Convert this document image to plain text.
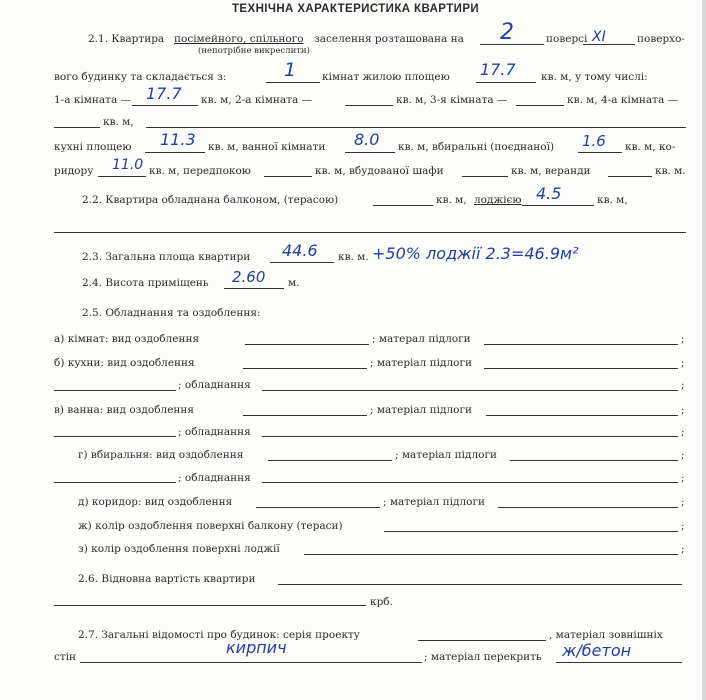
ТЕХНІЧНА ХАРАКТЕРИСТИКА КВАРТИРИ
2.1. Квартира посімейного, спільного заселення розташована на 2	поверсі XI	поверхо-
(непотрібне викреслити)
вого будинку та складається з:	1 кімнат жилою площею 17.7 кв. м, у тому числі:
1-а кімната — 17.7 кв. м, 2-а кімната —	кв. м, 3-я кімната —	кв. м, 4-а кімната —
кв. м,
кухні площею 11.3 кв. м, ванної кімнати 8.0 кв. м, вбиральні (поєднаної) 1.6 кв. м, ко-
ридору 11.0 кв. м, передпокою	кв. м, вбудованої шафи	кв. м, веранди	кв. м.
2.2. Квартира обладнана балконом, (терасою)	кв. м, лоджією 4.5	кв. м,
2.3. Загальна площа квартири 44.6 кв. м. +50% лоджії 2.3=46.9м²
2.4. Висота приміщень 2.60 м.
2.5. Обладнання та оздоблення:
а) кімнат: вид оздоблення	; матерал підлоги	;
б) кухни: вид оздоблення	; матеріал підлоги	;
; обладнання	;
в) ванна: вид оздоблення	; матеріал підлоги	;
; обладнання	;
г) вбиральня: вид оздоблення	; матеріал підлоги	;
; обладнання	;
д) коридор: вид оздоблення	; матеріал підлоги	;
ж) колір оздоблення поверхні балкону (тераси)	;
з) колір оздоблення поверхні лоджії	;
2.6. Відновна вартість квартири
крб.
2.7. Загальні відомості про будинок: серія проекту	, матеріал зовнішніх
стін	кирпич	; матеріал перекрить ж/бетон
